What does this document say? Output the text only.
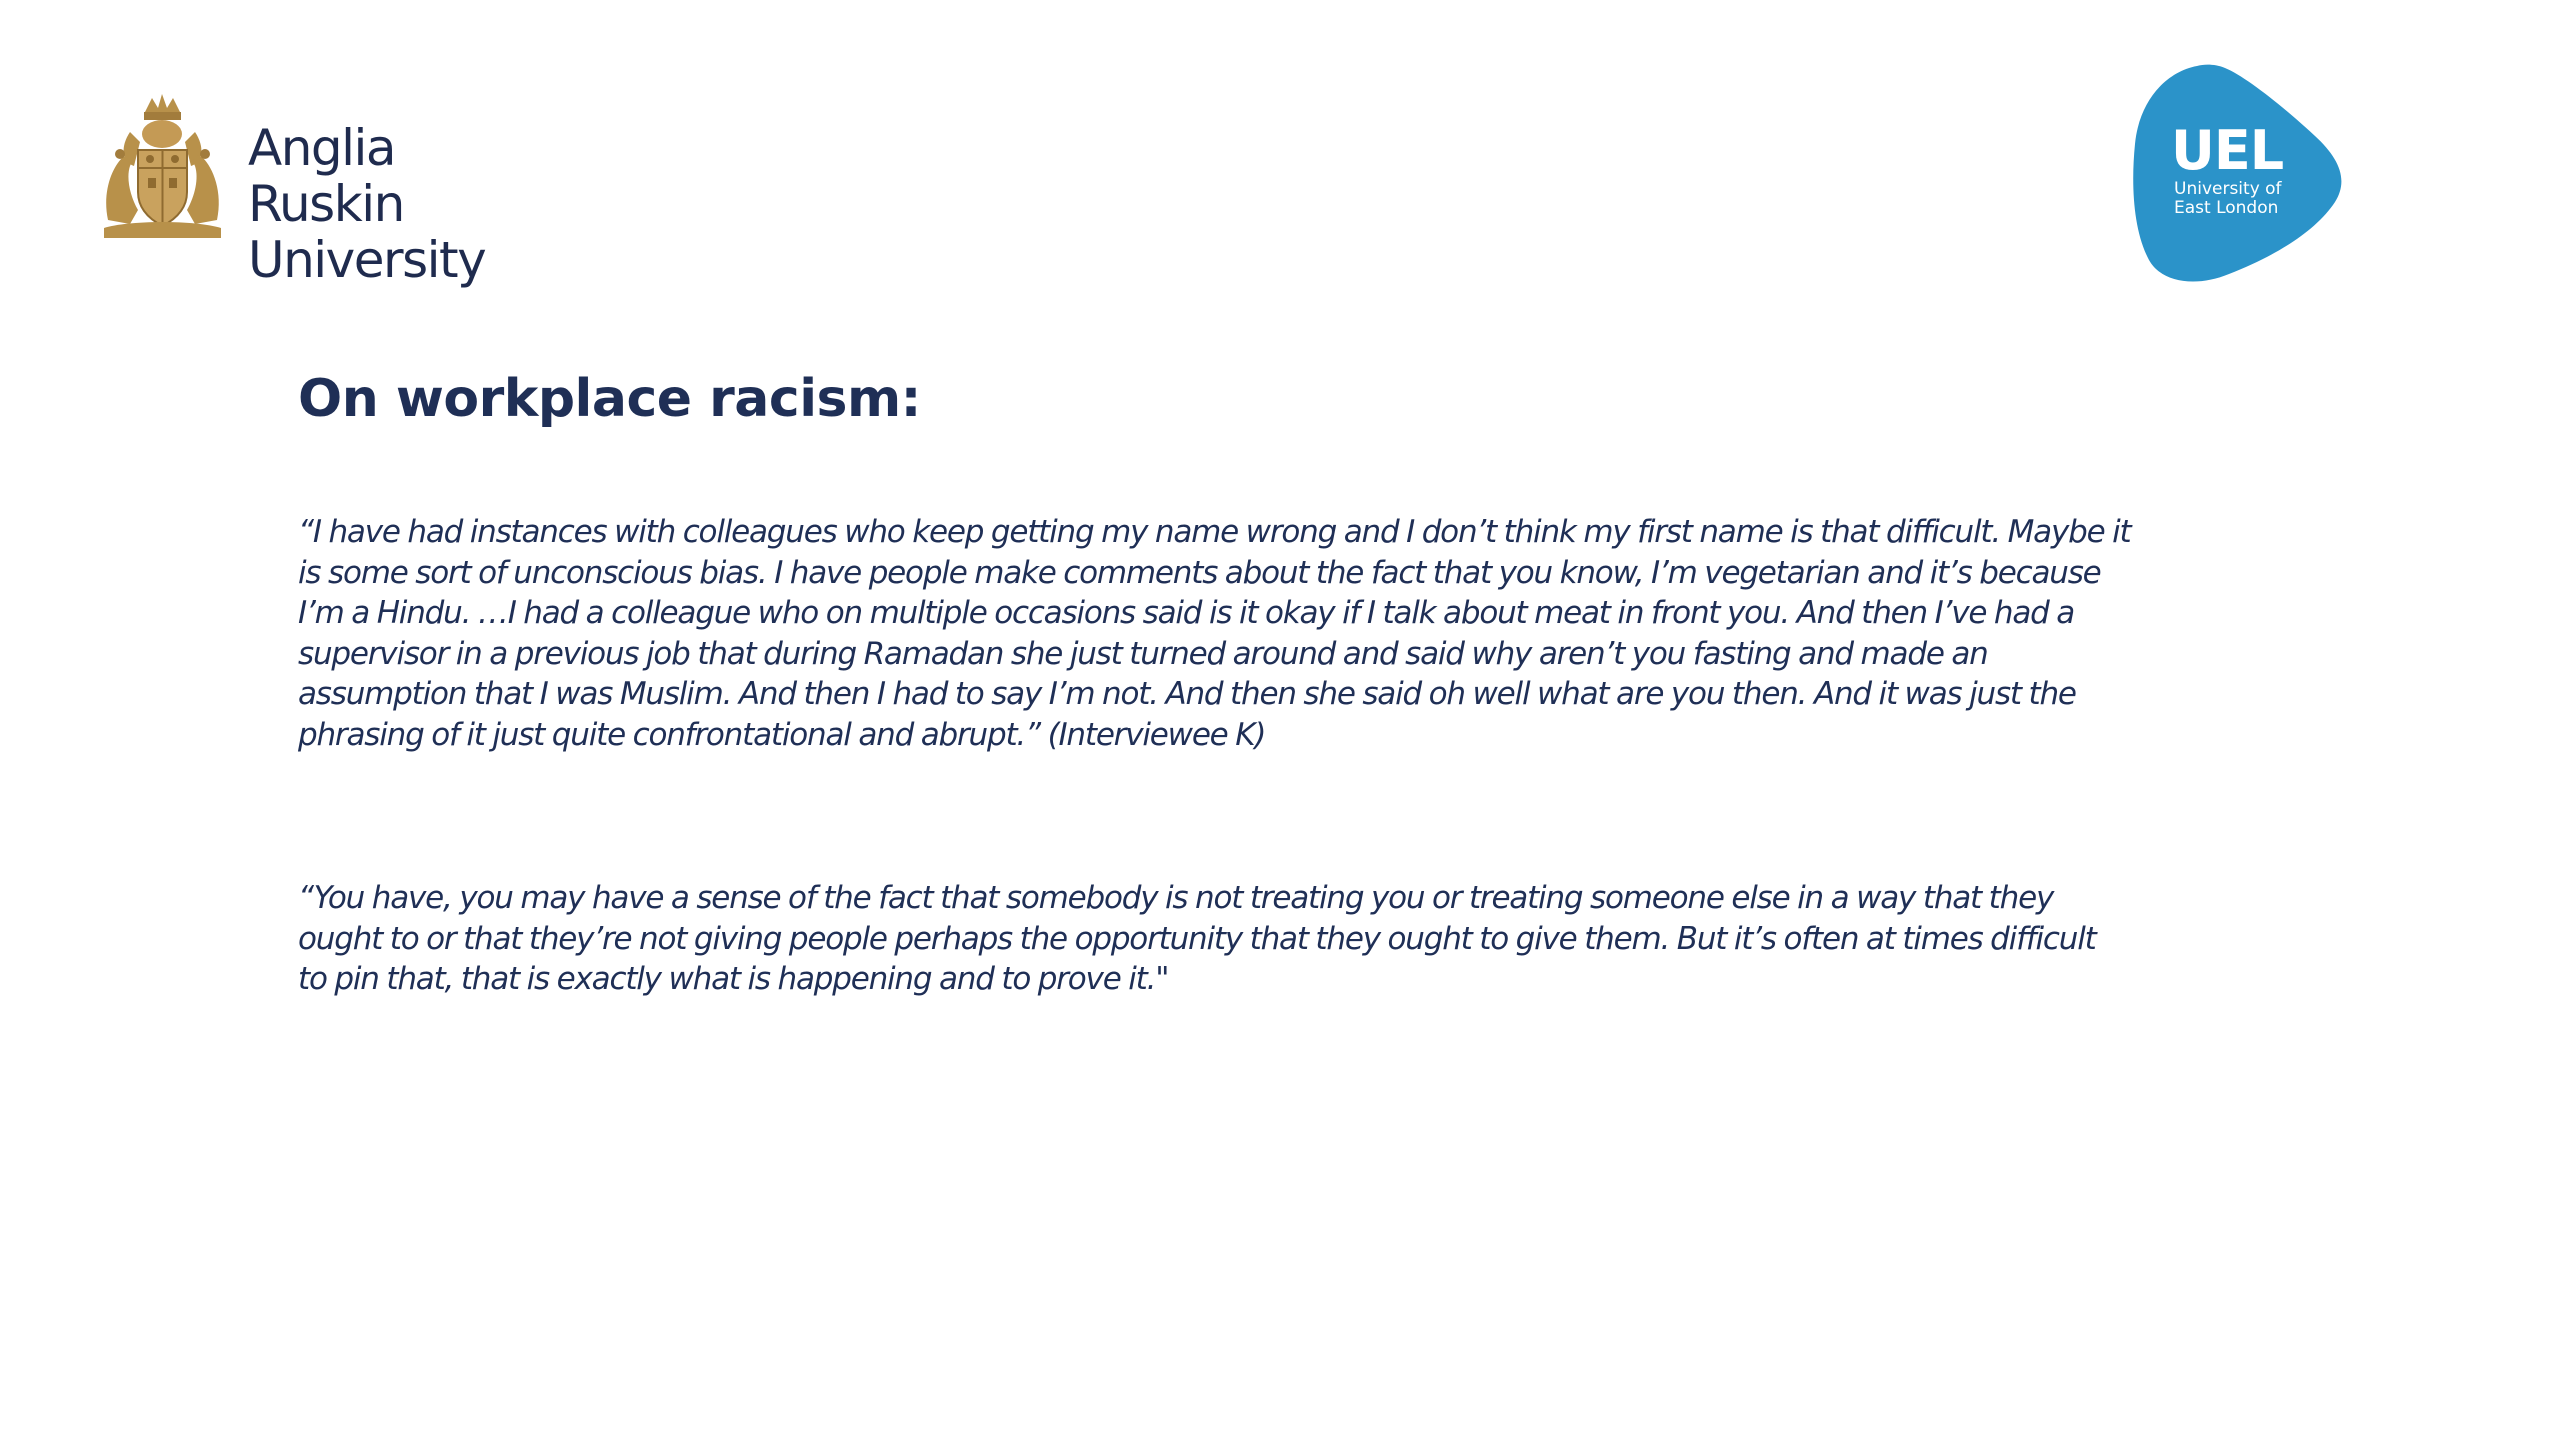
Anglia Ruskin
University
UEL
University of
East London
On workplace racism:

“I have had instances with colleagues who keep getting my name wrong and I don’t think my first name is that difficult. Maybe it
is some sort of unconscious bias. I have people make comments about the fact that you know, I’m vegetarian and it’s because
I’m a Hindu. …I had a colleague who on multiple occasions said is it okay if I talk about meat in front you. And then I’ve had a
supervisor in a previous job that during Ramadan she just turned around and said why aren’t you fasting and made an
assumption that I was Muslim. And then I had to say I’m not. And then she said oh well what are you then. And it was just the
phrasing of it just quite confrontational and abrupt.” (Interviewee K)

“You have, you may have a sense of the fact that somebody is not treating you or treating someone else in a way that they
ought to or that they’re not giving people perhaps the opportunity that they ought to give them. But it’s often at times difficult
to pin that, that is exactly what is happening and to prove it."
